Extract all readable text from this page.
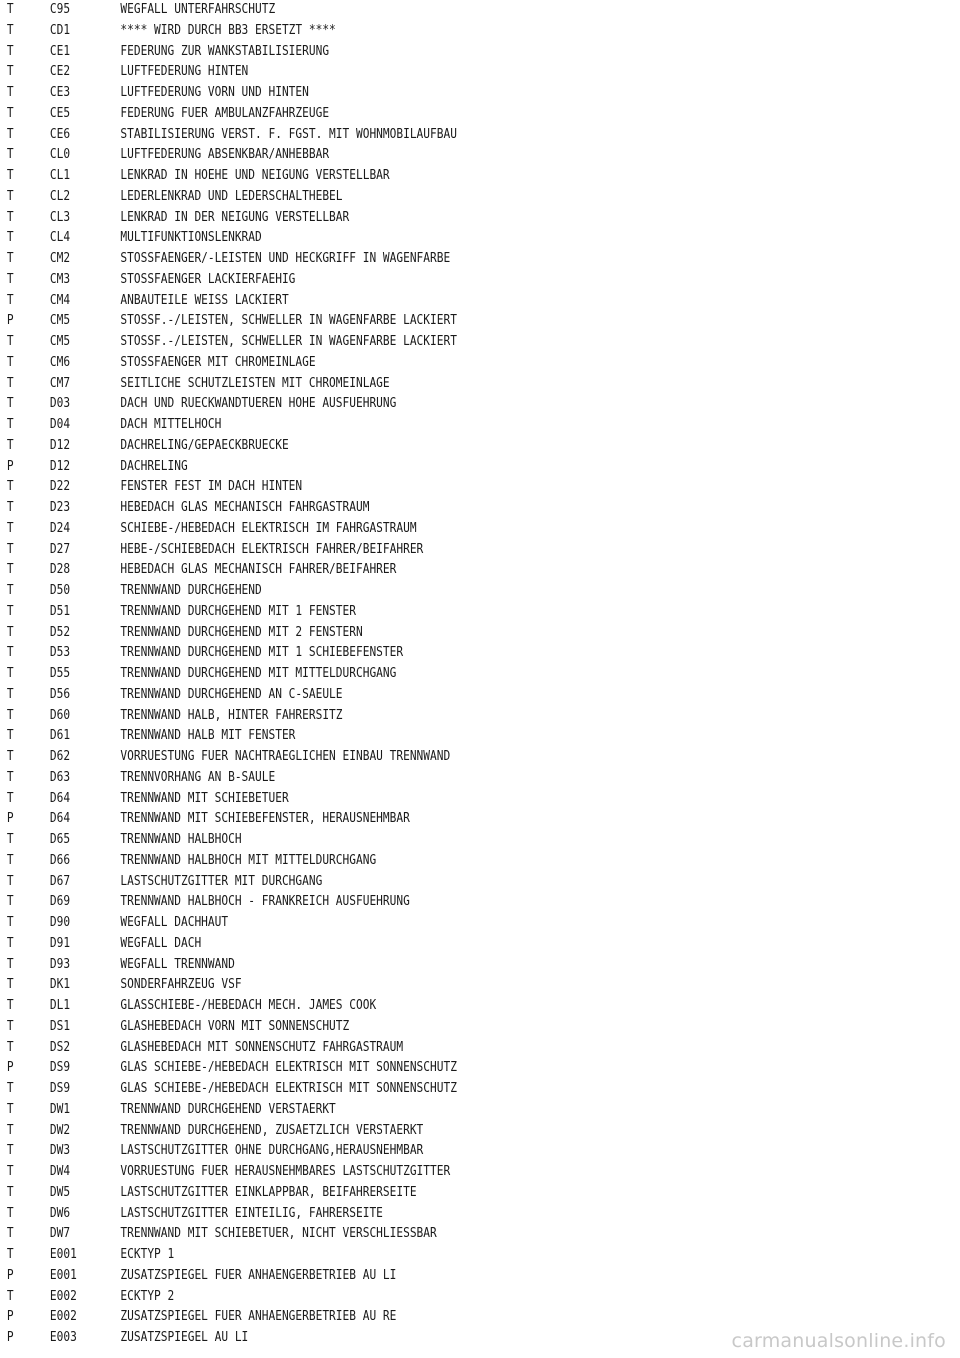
T	C95	WEGFALL UNTERFAHRSCHUTZ
T	CD1	**** WIRD DURCH BB3 ERSETZT ****
T	CE1	FEDERUNG ZUR WANKSTABILISIERUNG
T	CE2	LUFTFEDERUNG HINTEN
T	CE3	LUFTFEDERUNG VORN UND HINTEN
T	CE5	FEDERUNG FUER AMBULANZFAHRZEUGE
T	CE6	STABILISIERUNG VERST. F. FGST. MIT WOHNMOBILAUFBAU
T	CL0	LUFTFEDERUNG ABSENKBAR/ANHEBBAR
T	CL1	LENKRAD IN HOEHE UND NEIGUNG VERSTELLBAR
T	CL2	LEDERLENKRAD UND LEDERSCHALTHEBEL
T	CL3	LENKRAD IN DER NEIGUNG VERSTELLBAR
T	CL4	MULTIFUNKTIONSLENKRAD
T	CM2	STOSSFAENGER/-LEISTEN UND HECKGRIFF IN WAGENFARBE
T	CM3	STOSSFAENGER LACKIERFAEHIG
T	CM4	ANBAUTEILE WEISS LACKIERT
P	CM5	STOSSF.-/LEISTEN, SCHWELLER IN WAGENFARBE LACKIERT
T	CM5	STOSSF.-/LEISTEN, SCHWELLER IN WAGENFARBE LACKIERT
T	CM6	STOSSFAENGER MIT CHROMEINLAGE
T	CM7	SEITLICHE SCHUTZLEISTEN MIT CHROMEINLAGE
T	D03	DACH UND RUECKWANDTUEREN HOHE AUSFUEHRUNG
T	D04	DACH MITTELHOCH
T	D12	DACHRELING/GEPAECKBRUECKE
P	D12	DACHRELING
T	D22	FENSTER FEST IM DACH HINTEN
T	D23	HEBEDACH GLAS MECHANISCH FAHRGASTRAUM
T	D24	SCHIEBE-/HEBEDACH ELEKTRISCH IM FAHRGASTRAUM
T	D27	HEBE-/SCHIEBEDACH ELEKTRISCH FAHRER/BEIFAHRER
T	D28	HEBEDACH GLAS MECHANISCH FAHRER/BEIFAHRER
T	D50	TRENNWAND DURCHGEHEND
T	D51	TRENNWAND DURCHGEHEND MIT 1 FENSTER
T	D52	TRENNWAND DURCHGEHEND MIT 2 FENSTERN
T	D53	TRENNWAND DURCHGEHEND MIT 1 SCHIEBEFENSTER
T	D55	TRENNWAND DURCHGEHEND MIT MITTELDURCHGANG
T	D56	TRENNWAND DURCHGEHEND AN C-SAEULE
T	D60	TRENNWAND HALB, HINTER FAHRERSITZ
T	D61	TRENNWAND HALB MIT FENSTER
T	D62	VORRUESTUNG FUER NACHTRAEGLICHEN EINBAU TRENNWAND
T	D63	TRENNVORHANG AN B-SAULE
T	D64	TRENNWAND MIT SCHIEBETUER
P	D64	TRENNWAND MIT SCHIEBEFENSTER, HERAUSNEHMBAR
T	D65	TRENNWAND HALBHOCH
T	D66	TRENNWAND HALBHOCH MIT MITTELDURCHGANG
T	D67	LASTSCHUTZGITTER MIT DURCHGANG
T	D69	TRENNWAND HALBHOCH - FRANKREICH AUSFUEHRUNG
T	D90	WEGFALL DACHHAUT
T	D91	WEGFALL DACH
T	D93	WEGFALL TRENNWAND
T	DK1	SONDERFAHRZEUG VSF
T	DL1	GLASSCHIEBE-/HEBEDACH MECH. JAMES COOK
T	DS1	GLASHEBEDACH VORN MIT SONNENSCHUTZ
T	DS2	GLASHEBEDACH MIT SONNENSCHUTZ FAHRGASTRAUM
P	DS9	GLAS SCHIEBE-/HEBEDACH ELEKTRISCH MIT SONNENSCHUTZ
T	DS9	GLAS SCHIEBE-/HEBEDACH ELEKTRISCH MIT SONNENSCHUTZ
T	DW1	TRENNWAND DURCHGEHEND VERSTAERKT
T	DW2	TRENNWAND DURCHGEHEND, ZUSAETZLICH VERSTAERKT
T	DW3	LASTSCHUTZGITTER OHNE DURCHGANG,HERAUSNEHMBAR
T	DW4	VORRUESTUNG FUER HERAUSNEHMBARES LASTSCHUTZGITTER
T	DW5	LASTSCHUTZGITTER EINKLAPPBAR, BEIFAHRERSEITE
T	DW6	LASTSCHUTZGITTER EINTEILIG, FAHRERSEITE
T	DW7	TRENNWAND MIT SCHIEBETUER, NICHT VERSCHLIESSBAR
T	E001	ECKTYP 1
P	E001	ZUSATZSPIEGEL FUER ANHAENGERBETRIEB AU LI
T	E002	ECKTYP 2
P	E002	ZUSATZSPIEGEL FUER ANHAENGERBETRIEB AU RE
P	E003	ZUSATZSPIEGEL AU LI	carmanualsonline.info
